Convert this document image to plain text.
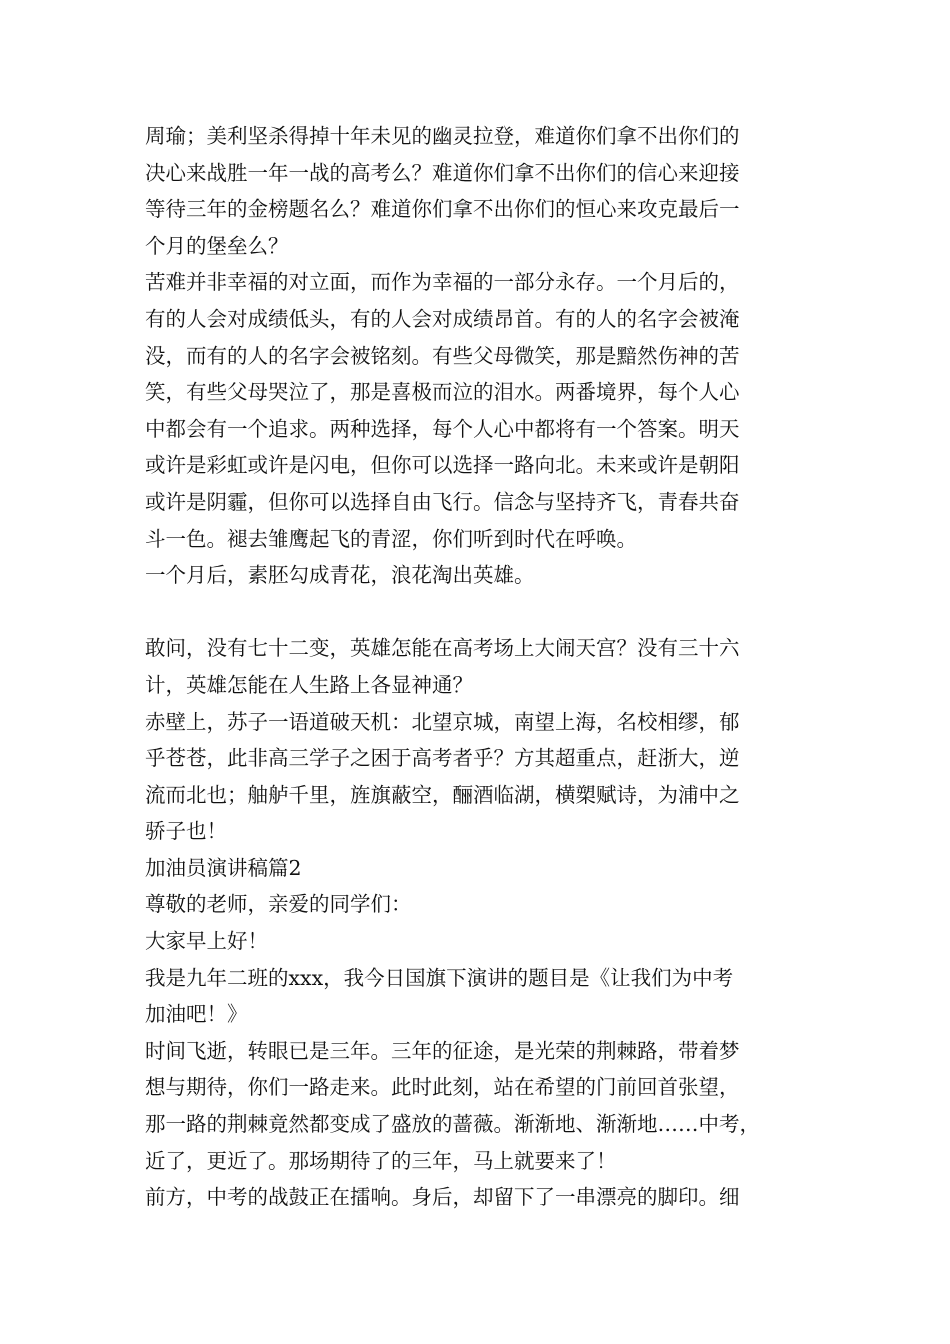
周瑜；美利坚杀得掉十年未见的幽灵拉登，难道你们拿不出你们的
决心来战胜一年一战的高考么？难道你们拿不出你们的信心来迎接
等待三年的金榜题名么？难道你们拿不出你们的恒心来攻克最后一
个月的堡垒么？
苦难并非幸福的对立面，而作为幸福的一部分永存。一个月后的，
有的人会对成绩低头，有的人会对成绩昂首。有的人的名字会被淹
没，而有的人的名字会被铭刻。有些父母微笑，那是黯然伤神的苦
笑，有些父母哭泣了，那是喜极而泣的泪水。两番境界，每个人心
中都会有一个追求。两种选择，每个人心中都将有一个答案。明天
或许是彩虹或许是闪电，但你可以选择一路向北。未来或许是朝阳
或许是阴霾，但你可以选择自由飞行。信念与坚持齐飞，青春共奋
斗一色。褪去雏鹰起飞的青涩，你们听到时代在呼唤。
一个月后，素胚勾成青花，浪花淘出英雄。
敢问，没有七十二变，英雄怎能在高考场上大闹天宫？没有三十六
计，英雄怎能在人生路上各显神通？
赤壁上，苏子一语道破天机：北望京城，南望上海，名校相缪，郁
乎苍苍，此非高三学子之困于高考者乎？方其超重点，赶浙大，逆
流而北也；舳舻千里，旌旗蔽空，酾酒临湖，横槊赋诗，为浦中之
骄子也！
加油员演讲稿篇2
尊敬的老师，亲爱的同学们：
大家早上好！
我是九年二班的xxx，我今日国旗下演讲的题目是《让我们为中考
加油吧！》
时间飞逝，转眼已是三年。三年的征途，是光荣的荆棘路，带着梦
想与期待，你们一路走来。此时此刻，站在希望的门前回首张望，
那一路的荆棘竟然都变成了盛放的蔷薇。渐渐地、渐渐地……中考，
近了，更近了。那场期待了的三年，马上就要来了！
前方，中考的战鼓正在擂响。身后，却留下了一串漂亮的脚印。细
